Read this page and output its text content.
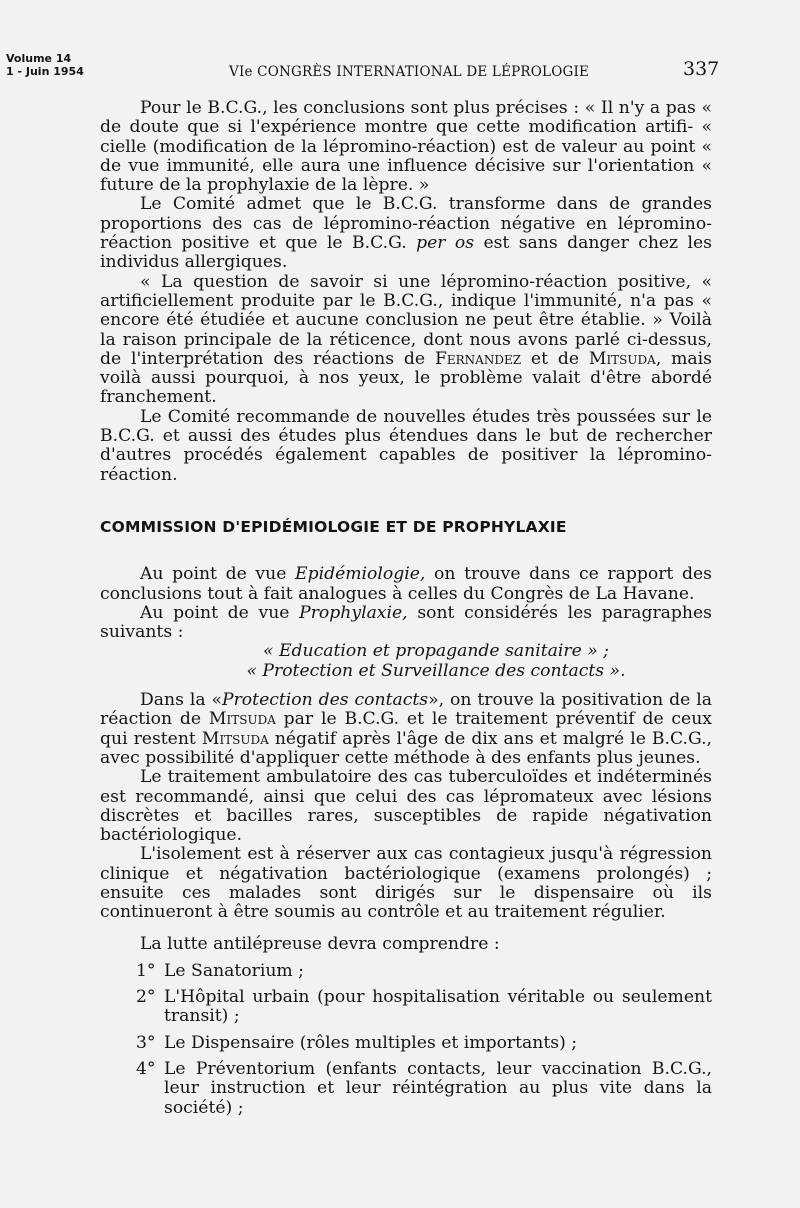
Volume 14
1 - Juin 1954	VIe CONGRÈS INTERNATIONAL DE LÉPROLOGIE	337

Pour le B.C.G., les conclusions sont plus précises : « Il n'y a pas « de doute que si l'expérience montre que cette modification artifi- « cielle (modification de la lépromino-réaction) est de valeur au point « de vue immunité, elle aura une influence décisive sur l'orientation « future de la prophylaxie de la lèpre. »

Le Comité admet que le B.C.G. transforme dans de grandes proportions des cas de lépromino-réaction négative en lépromino-réaction positive et que le B.C.G. per os est sans danger chez les individus allergiques.

« La question de savoir si une lépromino-réaction positive, « artificiellement produite par le B.C.G., indique l'immunité, n'a pas « encore été étudiée et aucune conclusion ne peut être établie. » Voilà la raison principale de la réticence, dont nous avons parlé ci-dessus, de l'interprétation des réactions de Fernandez et de Mitsuda, mais voilà aussi pourquoi, à nos yeux, le problème valait d'être abordé franchement.

Le Comité recommande de nouvelles études très poussées sur le B.C.G. et aussi des études plus étendues dans le but de rechercher d'autres procédés également capables de positiver la lépromino-réaction.

COMMISSION D'EPIDÉMIOLOGIE ET DE PROPHYLAXIE

Au point de vue Epidémiologie, on trouve dans ce rapport des conclusions tout à fait analogues à celles du Congrès de La Havane.

Au point de vue Prophylaxie, sont considérés les paragraphes suivants :

« Education et propagande sanitaire » ;

« Protection et Surveillance des contacts ».

Dans la «Protection des contacts», on trouve la positivation de la réaction de Mitsuda par le B.C.G. et le traitement préventif de ceux qui restent Mitsuda négatif après l'âge de dix ans et malgré le B.C.G., avec possibilité d'appliquer cette méthode à des enfants plus jeunes.

Le traitement ambulatoire des cas tuberculoïdes et indéterminés est recommandé, ainsi que celui des cas lépromateux avec lésions discrètes et bacilles rares, susceptibles de rapide négativation bactériologique.

L'isolement est à réserver aux cas contagieux jusqu'à régression clinique et négativation bactériologique (examens prolongés) ; ensuite ces malades sont dirigés sur le dispensaire où ils continueront à être soumis au contrôle et au traitement régulier.

La lutte antilépreuse devra comprendre :

1° Le Sanatorium ;
2° L'Hôpital urbain (pour hospitalisation véritable ou seulement transit) ;
3° Le Dispensaire (rôles multiples et importants) ;
4° Le Préventorium (enfants contacts, leur vaccination B.C.G., leur instruction et leur réintégration au plus vite dans la société) ;
